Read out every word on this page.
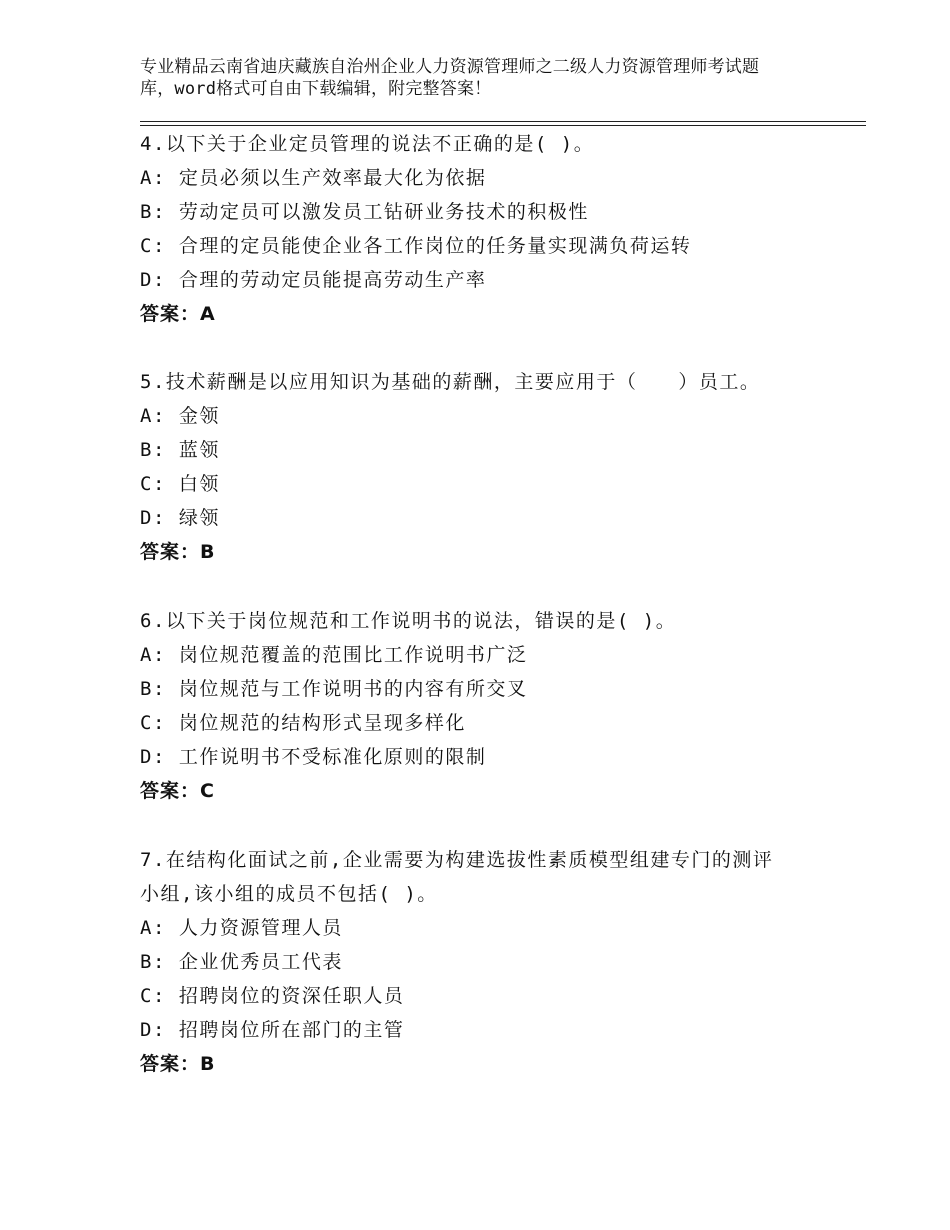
专业精品云南省迪庆藏族自治州企业人力资源管理师之二级人力资源管理师考试题
库，word格式可自由下载编辑，附完整答案！
4.以下关于企业定员管理的说法不正确的是( )。
A: 定员必须以生产效率最大化为依据
B: 劳动定员可以激发员工钻研业务技术的积极性
C: 合理的定员能使企业各工作岗位的任务量实现满负荷运转
D: 合理的劳动定员能提高劳动生产率
答案：A
5.技术薪酬是以应用知识为基础的薪酬，主要应用于（　　）员工。
A: 金领
B: 蓝领
C: 白领
D: 绿领
答案：B
6.以下关于岗位规范和工作说明书的说法，错误的是( )。
A: 岗位规范覆盖的范围比工作说明书广泛
B: 岗位规范与工作说明书的内容有所交叉
C: 岗位规范的结构形式呈现多样化
D: 工作说明书不受标准化原则的限制
答案：C
7.在结构化面试之前,企业需要为构建选拔性素质模型组建专门的测评
小组,该小组的成员不包括( )。
A: 人力资源管理人员
B: 企业优秀员工代表
C: 招聘岗位的资深任职人员
D: 招聘岗位所在部门的主管
答案：B
